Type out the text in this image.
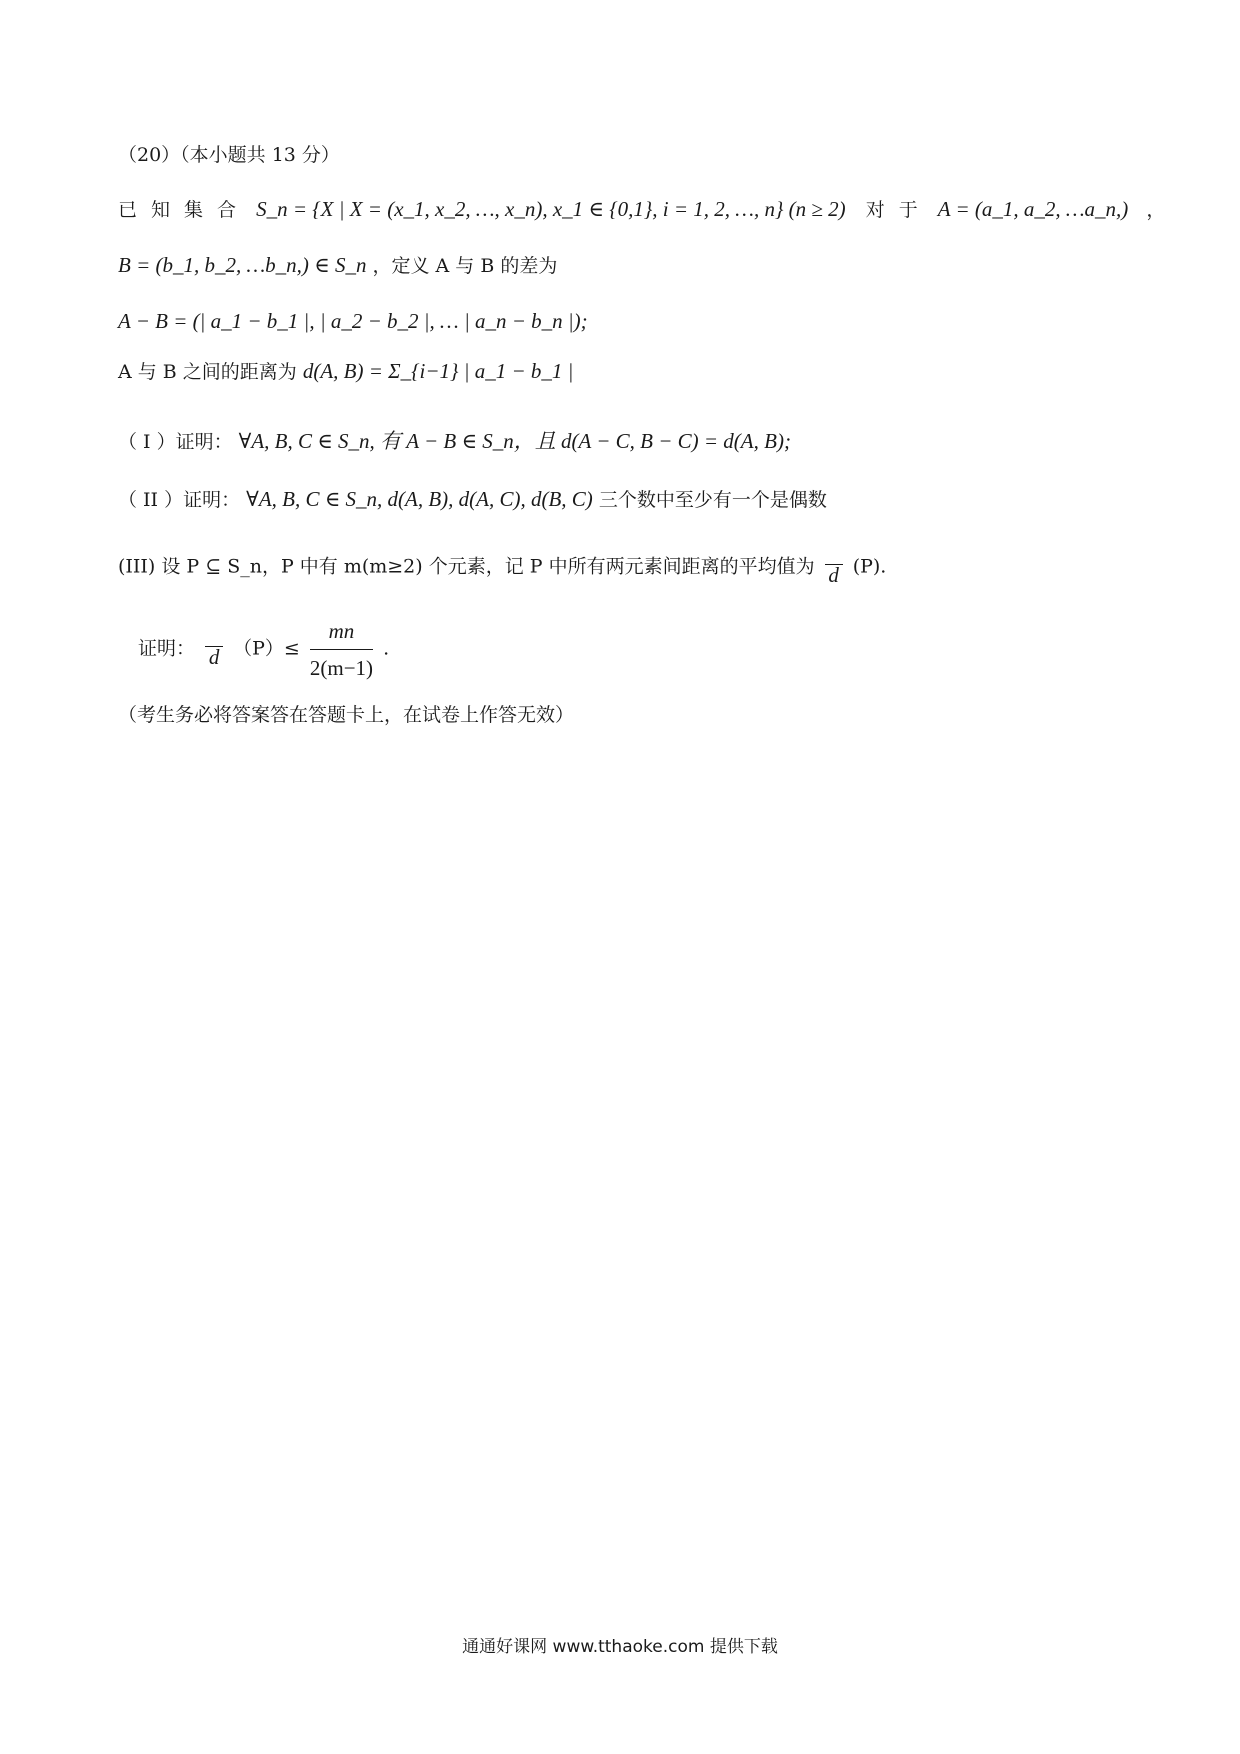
（20）（本小题共 13 分）
已知集合 S_n = {X | X = (x_1, x_2, …, x_n), x_1 ∈ {0,1}, i = 1, 2, …, n} (n ≥ 2) 对于 A = (a_1, a_2, …a_n,)   ，
B = (b_1, b_2, …b_n,) ∈ S_n ，定义 A 与 B 的差为
A − B = (| a_1 − b_1 |, | a_2 − b_2 |, … | a_n − b_n |);
A 与 B 之间的距离为 d(A, B) = Σ_{i−1} | a_1 − b_1 |
（ I ）证明： ∀A, B, C ∈ S_n, 有 A − B ∈ S_n，且 d(A − C, B − C) = d(A, B);
（ II ）证明： ∀A, B, C ∈ S_n, d(A, B), d(A, C), d(B, C) 三个数中至少有一个是偶数
(III) 设 P ⊆ S_n，P 中有 m(m≥2) 个元素，记 P 中所有两元素间距离的平均值为 d (P).
证明： d $(P)\le \frac{mn}{2(m-1)}$ .
（考生务必将答案答在答题卡上，在试卷上作答无效）
通通好课网 www.tthaoke.com 提供下载
